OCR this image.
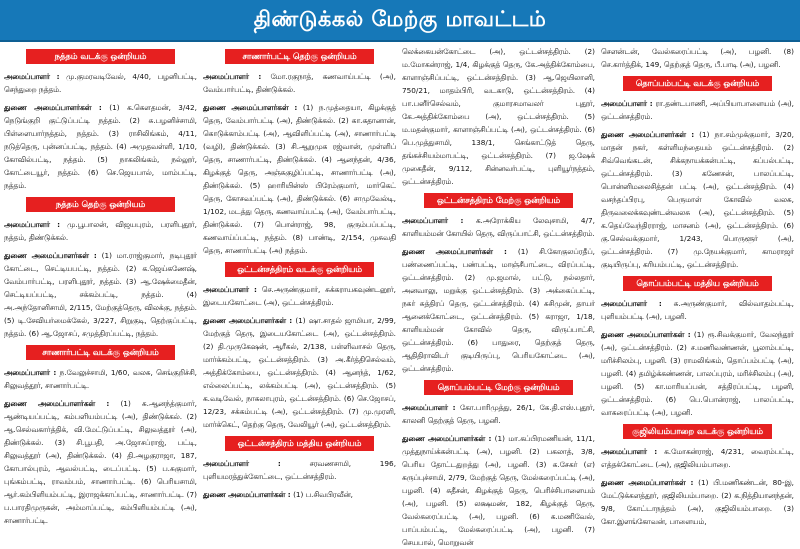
திண்டுக்கல் மேற்கு மாவட்டம்
நத்தம் வடக்கு ஒன்றியம்
அமைப்பாளர் : மு.குமரவடிவேல், 4/40, பழனிபட்டி, செந்துறை நத்தம்.
துணை அமைப்பாளர்கள் : (1) க.கௌதமன், 3/42, நெடுங்குறி குட்டுப்பட்டி நத்தம். (2) சு.பழனிச்சாமி, பிள்ளையார்நத்தம், நத்தம். (3) ராசிலிங்கம், 4/11, நடுத்தெரு, புன்னப்பட்டி, நத்தம். (4) அமுதவள்ளி, 1/10, கோவில்பட்டி, நத்தம். (5) நாகலிங்கம், நல்லூர், கோட்டையூர், நத்தம். (6) செ.ஜெயபால், மாம்பட்டி, நத்தம்.
நத்தம் தெற்கு ஒன்றியம்
அமைப்பாளர் : மு.பூபாலன், விஜயபுரம், பரளிபுதூர், நத்தம், திண்டுக்கல்.
துணை அமைப்பாளர்கள் : (1) மா.ராஜ்குமார், நடிபுதூர் கோட்டை, செட்டியபட்டி, நத்தம். (2) க.ஜெய்கணேஷ், வேம்பார்பட்டி, பரளிபுதூர், நத்தம். (3) ஆ.ஷேக்மைதீன், செட்டியப்பட்டி, சக்கம்பட்டி, நத்தம். (4) அ.அந்தோனிசாமி, 2/115, மேற்குத்தெரு, விலக்கு, நத்தம். (5) டி.சேவியர்மைக்கேல், 3/227, சிறுகுடி, தெற்குப்பட்டி, நத்தம். (6) ஆ.ஜோசப், சமுத்திரப்பட்டி, நத்தம்.
சாணார்பட்டி வடக்கு ஒன்றியம்
அமைப்பாளர் : ந.வேலுச்சாமி, 1/60, வலசு, செங்குறிச்சி, சிலுவத்தூர், சாணார்பட்டி.
துணை அமைப்பாளர்கள் : (1) சு.ஆனந்த்குமார், ஆண்டியப்பட்டி, கம்பளியம்பட்டி (அ), திண்டுக்கல். (2) ஆ.செல்வகார்த்திக், வி.மேட்டுப்பட்டி, சிலுவத்தூர் (அ), திண்டுக்கல். (3) சி.பூபதி, அ.ஜோசப்ராஜ், பட்டி, சிலுவத்தூர் (அ), திண்டுக்கல். (4) தி.அழகுராஜா, 187, கோபால்புரம், ஆவல்பட்டி, டைப்பட்டி. (5) ப.சுகுமார், புங்கம்பட்டி, ராவம்பம், சாணார்பட்டி. (6) பெரியசாமி, ஆர்.கம்பிளியம்பட்டி, இராஜக்காப்பட்டி, சாணார்பட்டி. (7) ப.பாரதிமுருகன், அம்மாப்பட்டி, கம்பிளியம்பட்டி (அ), சாணார்பட்டி.
சாணார்பட்டி தெற்கு ஒன்றியம்
அமைப்பாளர் : மோ.ரகுநாத், கணவாய்பட்டி (அ), வேம்பார்பட்டி, திண்டுக்கல்.
துணை அமைப்பாளர்கள் : (1) ந.முத்தையா, கிழக்குத் தெரு, வேம்பார்பட்டி (அ), திண்டுக்கல். (2) கா.கதானான், கொடுக்காம்பட்டி (அ), ஆவிளிப்பட்டி (அ), சாணார்பட்டி (வழி), திண்டுக்கல். (3) சி.ஆறுமுக ரஜ்வான், முள்ளிப் தெரு, சாணார்பட்டி, திண்டுக்கல். (4) ஆனந்தன், 4/36, கிழக்குத் தெரு, அஞ்சுகுழிப்பட்டி, சாணார்பட்டி (அ), திண்டுக்கல். (5) ஹாரியின்ஸ் பிரேம்குமார், மார்கெட் தெரு, கோசவப்பட்டி (அ), திண்டுக்கல். (6) சாமுவேல்டி, 1/102, மடத்து தெரு, கணவாய்பட்டி (அ), வேம்பார்பட்டி, திண்டுக்கல். (7) பொன்ராஜ், 98, குரும்பப்பட்டி, கணவாய்ப்பட்டி, நத்தம். (8) பாண்டி, 2/154, முசுவதி தெரு, சாணார்பட்டி (அ) நத்தம்.
ஒட்டன்சத்திரம் வடக்கு ஒன்றியம்
அமைப்பாளர் : செ.அருண்குமார், சுக்கராயகவுண்டனூர், இடையகோட்டை (அ), ஒட்டன்சத்திரம்.
துணை அமைப்பாளர்கள் : (1) ஷா.சாதல் ஜாமியா, 2/99, மேற்குத் தெரு, இடையகோட்டை (அ), ஒட்டன்சத்திரம். (2) தி.முருகேஷன், ஆரீகல், 2/138, பள்ளிவாசல் தெரு, மார்க்கம்பட்டி, ஒட்டன்சத்திரம். (3) அ.கீர்த்திசெல்வம், அத்திக்கோம்பை, ஒட்டன்சத்திரம். (4) ஆனந்த், 1/62, எல்லைப்பட்டி, லக்கம்பட்டி (அ), ஒட்டன்சத்திரம். (5) க.வடிவேல், நாகலாபுரம், ஒட்டன்சத்திரம். (6) செ.ஜோசப், 12/23, சக்கம்பட்டி (அ), ஒட்டன்சத்திரம். (7) மு.முரளி, மார்க்கெட், தெற்கு தெரு, வேலியூர் (அ), ஒட்டன்சத்திரம்.
ஒட்டன்சத்திரம் மத்திய ஒன்றியம்
அமைப்பாளர் :	சரவணசாமி, 196, புளியமரத்துக்கோட்டை, ஒட்டன்சத்திரம்.
துணை அமைப்பாளர்கள் : (1) ப.சிவபிரவீன்,
லெக்கையன்கோட்டை (அ), ஒட்டன்சத்திரம். (2) ம.மோகன்ராஜ், 1/4, கிழக்குத் தெரு, கே.அத்திக்கோம்பை, காளாஞ்சிப்பட்டி, ஒட்டன்சத்திரம். (3) ஆ.ஜெயிலானி, 750/21, மாதம்பிரி, வடகாடு, ஒட்டன்சத்திரம். (4) பா.பனீர்செல்வம், குமாரசமாவலர் புதூர், கே.அத்திக்கோம்பை (அ), ஒட்டன்சத்திரம். (5) ம.மதன்குமார், காளாஞ்சிப்பட்டி (அ), ஒட்டன்சத்திரம். (6) பெ.முத்துசாமி, 138/1, செங்காட்டுத் தெரு, தங்கச்சியம்மாபட்டி, ஒட்டன்சத்திரம். (7) ஜ.ஷேக் முகைதீன், 9/112, சின்னவர்பட்டி, புளியூர்நத்தம், ஒட்டன்சத்திரம்.
ஒட்டன்சத்திரம் மேற்கு ஒன்றியம்
அமைப்பாளர் : க.அரோக்கிய லேவுசாமி, 4/7, காளியம்மன் கோயில் தெரு, விருப்பாட்சி, ஒட்டன்சத்திரம்.
துணை அமைப்பாளர்கள் : (1) சி.கோகுலப்ரதீப், பண்ணைப்பட்டி, பண்பட்டி, மாஞ்சீபாட்டை, விரப்பட்டி, ஒட்டன்சத்திரம். (2) மு.ஜமால், பட்டு, நல்லதார், அனவாலு, மறுக்கு ஒட்டன்சத்திரம். (3) அக்கைப்பட்டி, நகர் சுத்திரப் தெரு, ஒட்டன்சத்திரம். (4) சுசிமுன், தாயர் ஆனைக்கோட்டை, ஒட்டன்சத்திரம். (5) கராஜா, 1/18, காளியம்மன் கோவில் தெரு, விருப்பாட்சி, ஒட்டன்சத்திரம். (6) பாதுரை, தெற்குத் தெரு, ஆதிதிராவிடர் குடியிருப்பு, பெரியகோட்டை (அ), ஒட்டன்சத்திரம்.
தொப்பம்பட்டி மேற்கு ஒன்றியம்
அமைப்பாளர் : கோ.பாரிமுத்து, 26/1, கே.தி.எஸ்.புதூர், காலனி தெற்குத் தெரு, பழனி.
துணை அமைப்பாளர்கள் : (1) மா.கப்பிரமணியன், 11/1, முத்துநாய்க்கன்பட்டி (அ), பழனி. (2) பகலாத், 3/8, பெரிய தோட்டதுறத்து (அ), பழனி. (3) க.சேகர் (எ) கருப்புச்சாமி, 2/79, மேற்குத் தெரு, மேல்கரைப்பட்டி (அ), பழனி. (4) சுதீசன், கிழக்குத் தெரு, பெரிச்சிபாளையம் (அ), பழனி. (5) லக்ஷமண், 182, கிழக்குத் தெரு, வேல்கரைப்பட்டி (அ), பழனி. (6) க.மணிவேல், பாப்பம்பட்டி, மேல்கரைப்பட்டி (அ), பழனி. (7) செயபால், மொறுவன்
சௌன்டன், வேல்கரைப்பட்டி (அ), பழனி. (8) செ.கார்த்திக், 149, தெற்குத் தெரு, பீ.பாடி (அ), பழனி.
தொப்பம்பட்டி வடக்கு ஒன்றியம்
அமைப்பாளர் : ரா.தண்டபாணி, அப்பியாபாளையம் (அ), ஒட்டன்சத்திரம்.
துணை அமைப்பாளர்கள் : (1) நா.சம்முக்குமார், 3/20, மாதன் நகர், கள்ளிமந்தையம் ஒட்டன்சத்திரம். (2) சிவ்வெங்கடன், சிக்கநாயக்கன்பட்டி, கப்பல்பட்டி, ஒட்டன்சத்திரம். (3) கணேசன், பாலப்பட்டி, பொன்னிமலைசித்தன் பட்டி (அ), ஒட்டன்சத்திரம். (4) வசந்தப்பிரபு, பெருமாள் கோவில் வலசு, திருவலைக்கவுண்டன்வலசு (அ), ஒட்டன்சத்திரம். (5) க.தெய்வேந்திரராஜ், மாசனம் (அ), ஒட்டன்சத்திரம். (6) கு.செல்வக்குமார், 1/243, பொருளூர் (அ), ஒட்டன்சத்திரம். (7) மு.நேயக்குமார், காமராஜர் குடியிருப்பு, கரியம்பட்டி, ஒட்டன்சத்திரம்.
தொப்பம்பட்டி மத்திய ஒன்றியம்
அமைப்பாளர் : சு.அருண்குமார், வில்வாதம்பட்டி, புளியம்பட்டி (அ), பழனி.
துணை அமைப்பாளர்கள் : (1) ரூ.சிவக்குமார், வேலந்தூர் (அ), ஒட்டன்சத்திரம். (2) ச.மணிவண்ணன், பூலாம்பட்டி, மரிச்சிலம்பு, பழனி. (3) ராமலிங்கம், தொப்பம்பட்டி (அ), பழனி. (4) தமிழ்க்கண்ணன், பாலப்புரம், மரிச்சிலம்பு (அ), பழனி. (5) கா.மாரியப்பன், சத்திரப்பட்டி, பழனி, ஒட்டன்சத்திரம். (6) பெ.பொன்ராஜ், பாலப்பட்டி, வாகரைப்பட்டி (அ), பழனி.
குஜிலியம்பாறை வடக்கு ஒன்றியம்
அமைப்பாளர் : க.மோகன்ராஜ், 4/231, வைரம்பட்டி, எத்தக்கோட்டை (அ), குஜிலியம்பாறை.
துணை அமைப்பாளர்கள் : (1) பி.மணிகண்டன், 80-இ, மேட்டுக்களத்தூர், குஜிலியம்பாறை. (2) க.நித்தியானந்தன், 9/8, கோட்டாநத்தம் (அ), குஜிலியம்பாறை. (3) கோ.இளங்கோவன், பாளையம்,
